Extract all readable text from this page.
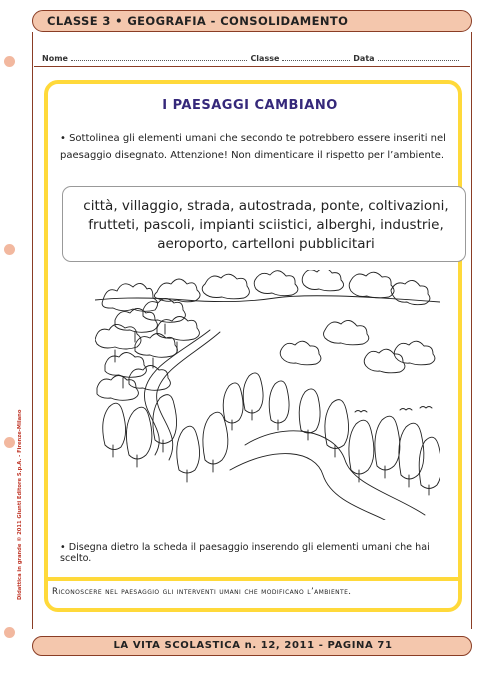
CLASSE 3 • GEOGRAFIA - CONSOLIDAMENTO
Nome	Classe	Data
I PAESAGGI CAMBIANO
• Sottolinea gli elementi umani che secondo te potrebbero essere inseriti nel paesaggio disegnato. Attenzione! Non dimenticare il rispetto per l’ambiente.
città, villaggio, strada, autostrada, ponte, coltivazioni, frutteti, pascoli, impianti sciistici, alberghi, industrie, aeroporto, cartelloni pubblicitari
• Disegna dietro la scheda il paesaggio inserendo gli elementi umani che hai scelto.
Riconoscere nel paesaggio gli interventi umani che modificano l’ambiente.
Didattica in grande © 2011 Giunti Editore S.p.A. - Firenze-Milano
LA VITA SCOLASTICA n. 12, 2011 - PAGINA 71
